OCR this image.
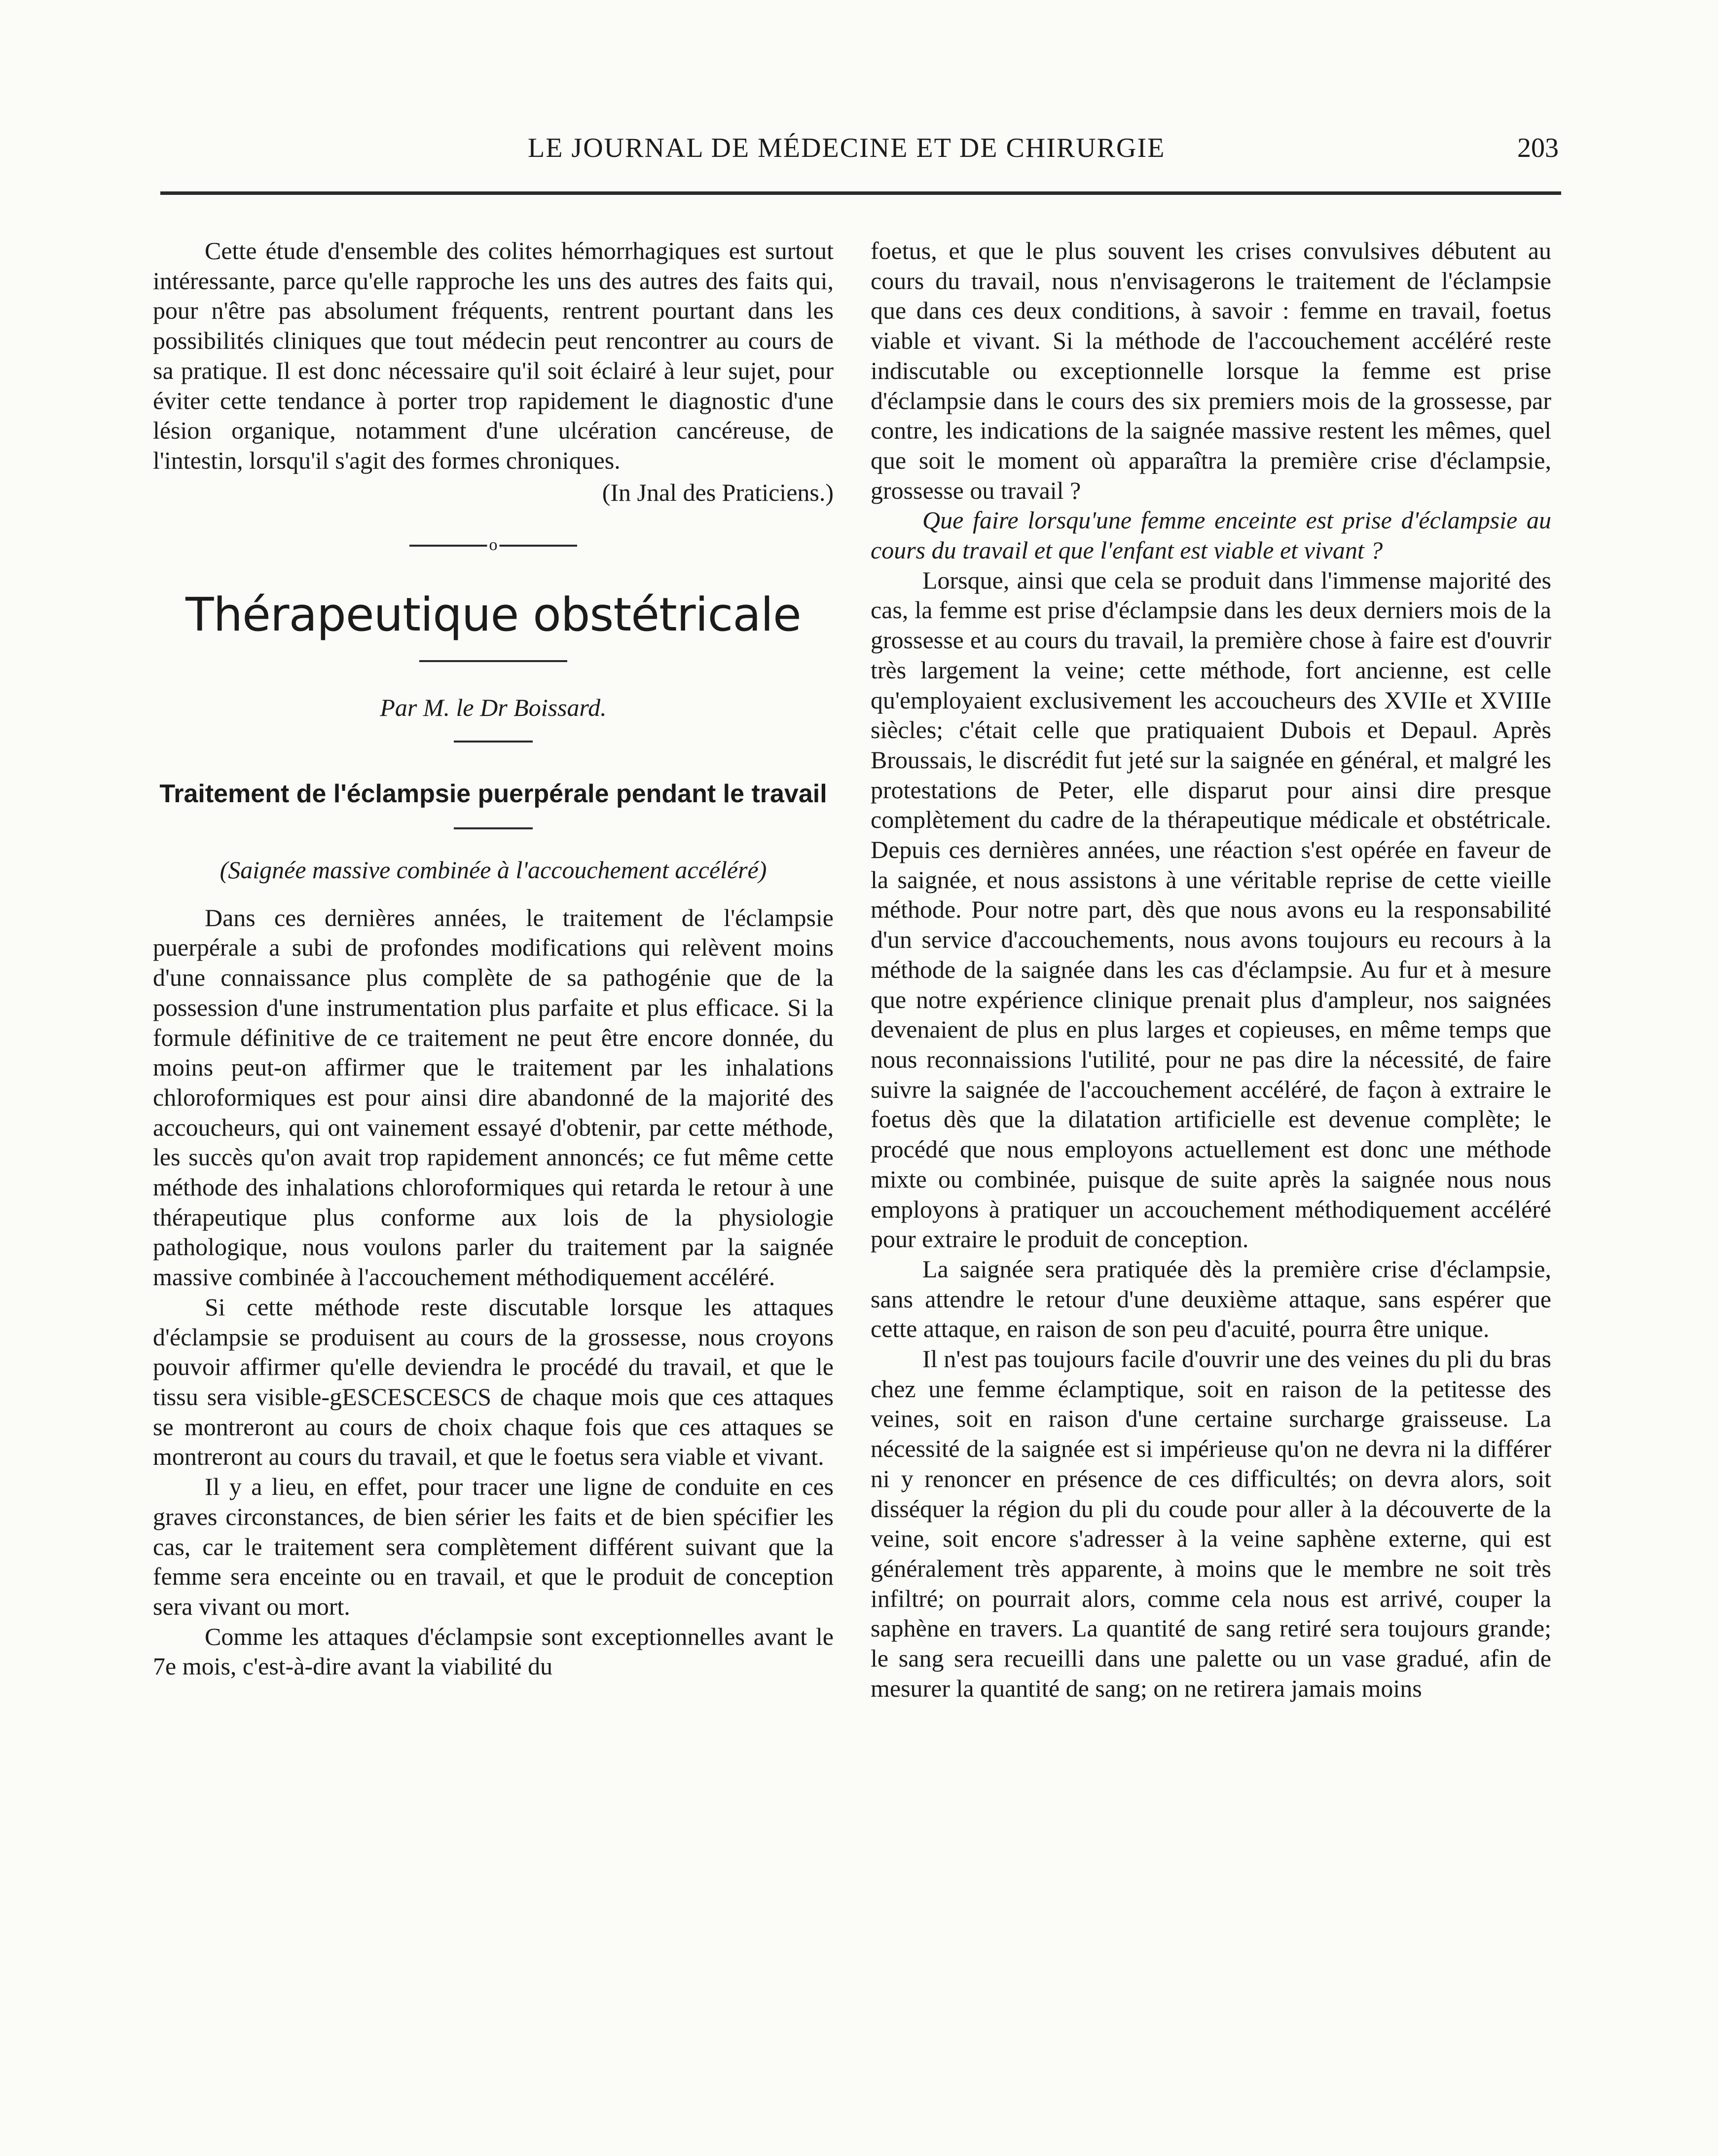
LE JOURNAL DE MÉDECINE ET DE CHIRURGIE	203

Cette étude d'ensemble des colites hémorrhagiques est surtout intéressante, parce qu'elle rapproche les uns des autres des faits qui, pour n'être pas absolument fréquents, rentrent pourtant dans les possibilités cliniques que tout médecin peut rencontrer au cours de sa pratique. Il est donc nécessaire qu'il soit éclairé à leur sujet, pour éviter cette tendance à porter trop rapidement le diagnostic d'une lésion organique, notamment d'une ulcération cancéreuse, de l'intestin, lorsqu'il s'agit des formes chroniques.

(In Jnal des Praticiens.)
o
Thérapeutique obstétricale
Par M. le Dr Boissard.
Traitement de l'éclampsie puerpérale pendant le travail
(Saignée massive combinée à l'accouchement accéléré)

Dans ces dernières années, le traitement de l'éclampsie puerpérale a subi de profondes modifications qui relèvent moins d'une connaissance plus complète de sa pathogénie que de la possession d'une instrumentation plus parfaite et plus efficace. Si la formule définitive de ce traitement ne peut être encore donnée, du moins peut-on affirmer que le traitement par les inhalations chloroformiques est pour ainsi dire abandonné de la majorité des accoucheurs, qui ont vainement essayé d'obtenir, par cette méthode, les succès qu'on avait trop rapidement annoncés; ce fut même cette méthode des inhalations chloroformiques qui retarda le retour à une thérapeutique plus conforme aux lois de la physiologie pathologique, nous voulons parler du traitement par la saignée massive combinée à l'accouchement méthodiquement accéléré.

Si cette méthode reste discutable lorsque les attaques d'éclampsie se produisent au cours de la grossesse, nous croyons pouvoir affirmer qu'elle deviendra le procédé du travail, et que le tissu sera visible-gESCESCESCS de chaque mois que ces attaques se montreront au cours de choix chaque fois que ces attaques se montreront au cours du travail, et que le foetus sera viable et vivant.

Il y a lieu, en effet, pour tracer une ligne de conduite en ces graves circonstances, de bien sérier les faits et de bien spécifier les cas, car le traitement sera complètement différent suivant que la femme sera enceinte ou en travail, et que le produit de conception sera vivant ou mort.

Comme les attaques d'éclampsie sont exceptionnelles avant le 7e mois, c'est-à-dire avant la viabilité du

foetus, et que le plus souvent les crises convulsives débutent au cours du travail, nous n'envisagerons le traitement de l'éclampsie que dans ces deux conditions, à savoir : femme en travail, foetus viable et vivant. Si la méthode de l'accouchement accéléré reste indiscutable ou exceptionnelle lorsque la femme est prise d'éclampsie dans le cours des six premiers mois de la grossesse, par contre, les indications de la saignée massive restent les mêmes, quel que soit le moment où apparaîtra la première crise d'éclampsie, grossesse ou travail ?

Que faire lorsqu'une femme enceinte est prise d'éclampsie au cours du travail et que l'enfant est viable et vivant ?

Lorsque, ainsi que cela se produit dans l'immense majorité des cas, la femme est prise d'éclampsie dans les deux derniers mois de la grossesse et au cours du travail, la première chose à faire est d'ouvrir très largement la veine; cette méthode, fort ancienne, est celle qu'employaient exclusivement les accoucheurs des XVIIe et XVIIIe siècles; c'était celle que pratiquaient Dubois et Depaul. Après Broussais, le discrédit fut jeté sur la saignée en général, et malgré les protestations de Peter, elle disparut pour ainsi dire presque complètement du cadre de la thérapeutique médicale et obstétricale. Depuis ces dernières années, une réaction s'est opérée en faveur de la saignée, et nous assistons à une véritable reprise de cette vieille méthode. Pour notre part, dès que nous avons eu la responsabilité d'un service d'accouchements, nous avons toujours eu recours à la méthode de la saignée dans les cas d'éclampsie. Au fur et à mesure que notre expérience clinique prenait plus d'ampleur, nos saignées devenaient de plus en plus larges et copieuses, en même temps que nous reconnaissions l'utilité, pour ne pas dire la nécessité, de faire suivre la saignée de l'accouchement accéléré, de façon à extraire le foetus dès que la dilatation artificielle est devenue complète; le procédé que nous employons actuellement est donc une méthode mixte ou combinée, puisque de suite après la saignée nous nous employons à pratiquer un accouchement méthodiquement accéléré pour extraire le produit de conception.

La saignée sera pratiquée dès la première crise d'éclampsie, sans attendre le retour d'une deuxième attaque, sans espérer que cette attaque, en raison de son peu d'acuité, pourra être unique.

Il n'est pas toujours facile d'ouvrir une des veines du pli du bras chez une femme éclamptique, soit en raison de la petitesse des veines, soit en raison d'une certaine surcharge graisseuse. La nécessité de la saignée est si impérieuse qu'on ne devra ni la différer ni y renoncer en présence de ces difficultés; on devra alors, soit disséquer la région du pli du coude pour aller à la découverte de la veine, soit encore s'adresser à la veine saphène externe, qui est généralement très apparente, à moins que le membre ne soit très infiltré; on pourrait alors, comme cela nous est arrivé, couper la saphène en travers. La quantité de sang retiré sera toujours grande; le sang sera recueilli dans une palette ou un vase gradué, afin de mesurer la quantité de sang; on ne retirera jamais moins
